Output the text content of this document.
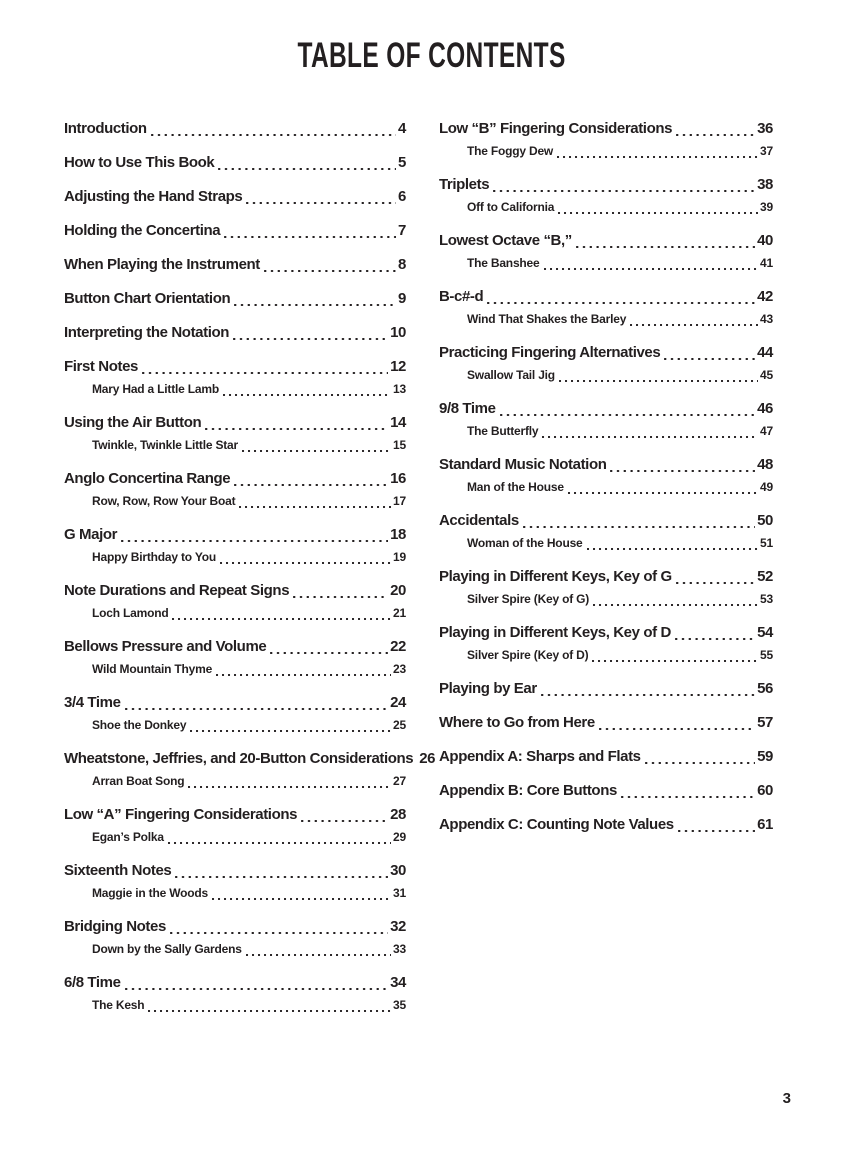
TABLE OF CONTENTS
Introduction	4
How to Use This Book	5
Adjusting the Hand Straps	6
Holding the Concertina	7
When Playing the Instrument	8
Button Chart Orientation	9
Interpreting the Notation	10
First Notes	12
Mary Had a Little Lamb	13
Using the Air Button	14
Twinkle, Twinkle Little Star	15
Anglo Concertina Range	16
Row, Row, Row Your Boat	17
G Major	18
Happy Birthday to You	19
Note Durations and Repeat Signs	20
Loch Lamond	21
Bellows Pressure and Volume	22
Wild Mountain Thyme	23
3/4 Time	24
Shoe the Donkey	25
Wheatstone, Jeffries, and 20-Button Considerations 26
Arran Boat Song	27
Low “A” Fingering Considerations	28
Egan’s Polka	29
Sixteenth Notes	30
Maggie in the Woods	31
Bridging Notes	32
Down by the Sally Gardens	33
6/8 Time	34
The Kesh	35
Low “B” Fingering Considerations	36
The Foggy Dew	37
Triplets	38
Off to California	39
Lowest Octave “B,”	40
The Banshee	41
B-c#-d	42
Wind That Shakes the Barley	43
Practicing Fingering Alternatives	44
Swallow Tail Jig	45
9/8 Time	46
The Butterfly	47
Standard Music Notation	48
Man of the House	49
Accidentals	50
Woman of the House	51
Playing in Different Keys, Key of G	52
Silver Spire (Key of G)	53
Playing in Different Keys, Key of D	54
Silver Spire (Key of D)	55
Playing by Ear	56
Where to Go from Here	57
Appendix A: Sharps and Flats	59
Appendix B: Core Buttons	60
Appendix C: Counting Note Values	61
3
